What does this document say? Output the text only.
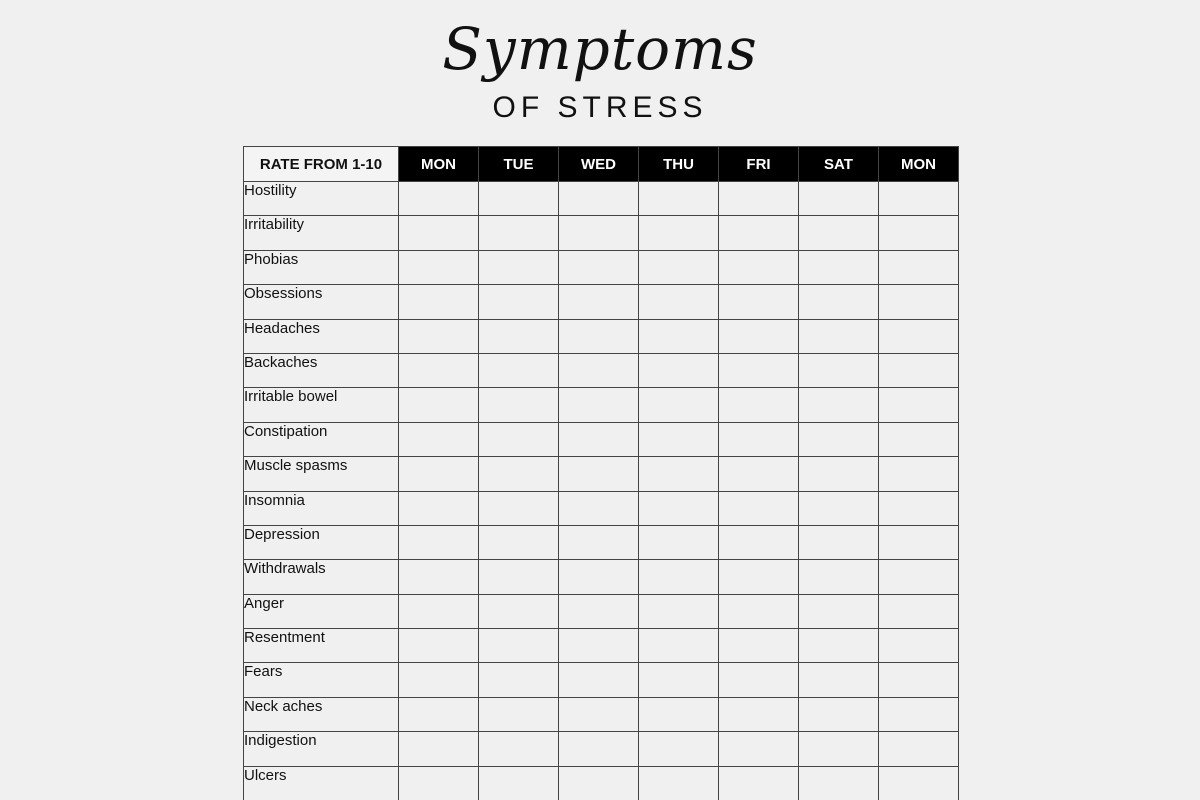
Symptoms
OF STRESS
RATE FROM 1-10	MON	TUE	WED	THU	FRI	SAT	MON
Hostility							
Irritability							
Phobias							
Obsessions							
Headaches							
Backaches							
Irritable bowel							
Constipation							
Muscle spasms							
Insomnia							
Depression							
Withdrawals							
Anger							
Resentment							
Fears							
Neck aches							
Indigestion							
Ulcers							
